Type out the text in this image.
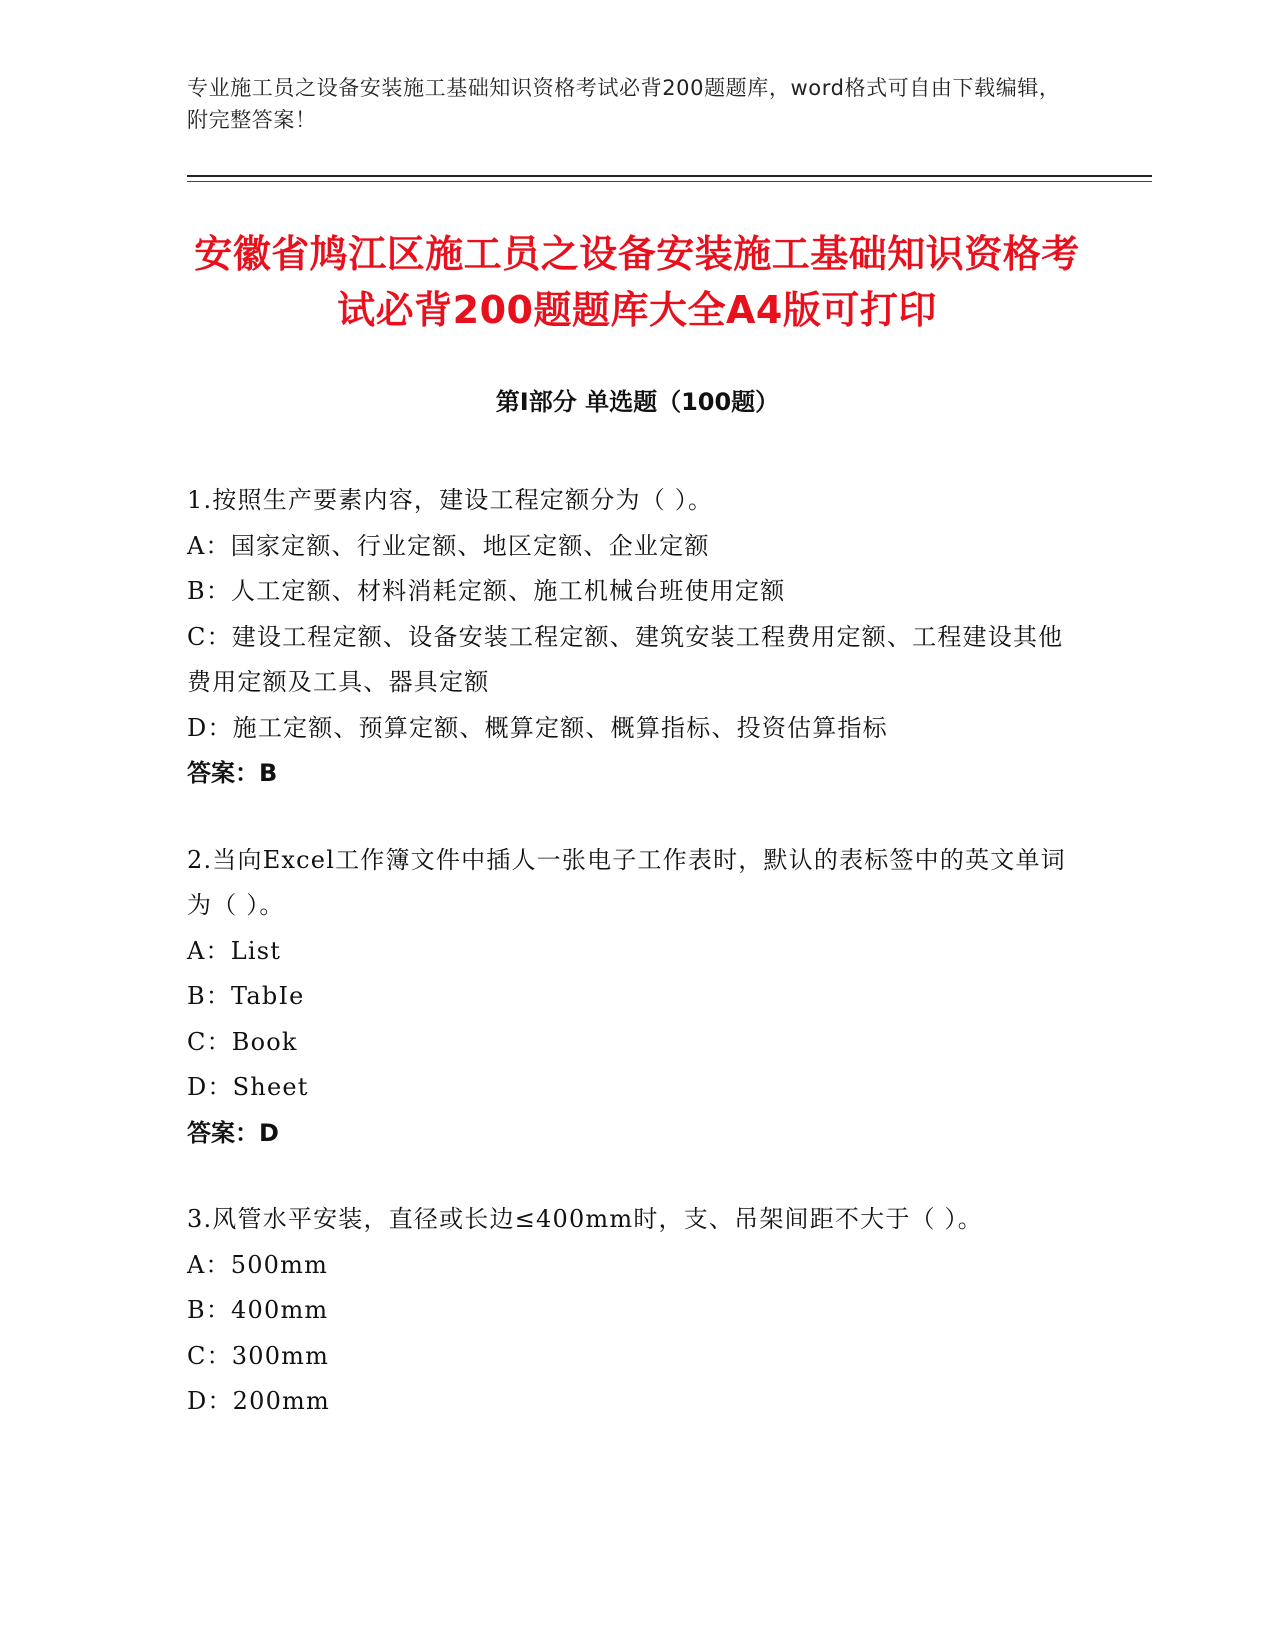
专业施工员之设备安装施工基础知识资格考试必背200题题库，word格式可自由下载编辑，附完整答案！
安徽省鸠江区施工员之设备安装施工基础知识资格考试必背200题题库大全A4版可打印
第Ⅰ部分 单选题（100题）

1.按照生产要素内容，建设工程定额分为（ ）。

A：国家定额、行业定额、地区定额、企业定额

B：人工定额、材料消耗定额、施工机械台班使用定额

C：建设工程定额、设备安装工程定额、建筑安装工程费用定额、工程建设其他费用定额及工具、器具定额

D：施工定额、预算定额、概算定额、概算指标、投资估算指标

答案：B

2.当向Excel工作簿文件中插人一张电子工作表时，默认的表标签中的英文单词为（ ）。

A：List

B：TabIe

C：Book

D：Sheet

答案：D

3.风管水平安装，直径或长边≤400mm时，支、吊架间距不大于（ ）。

A：500mm

B：400mm

C：300mm

D：200mm
